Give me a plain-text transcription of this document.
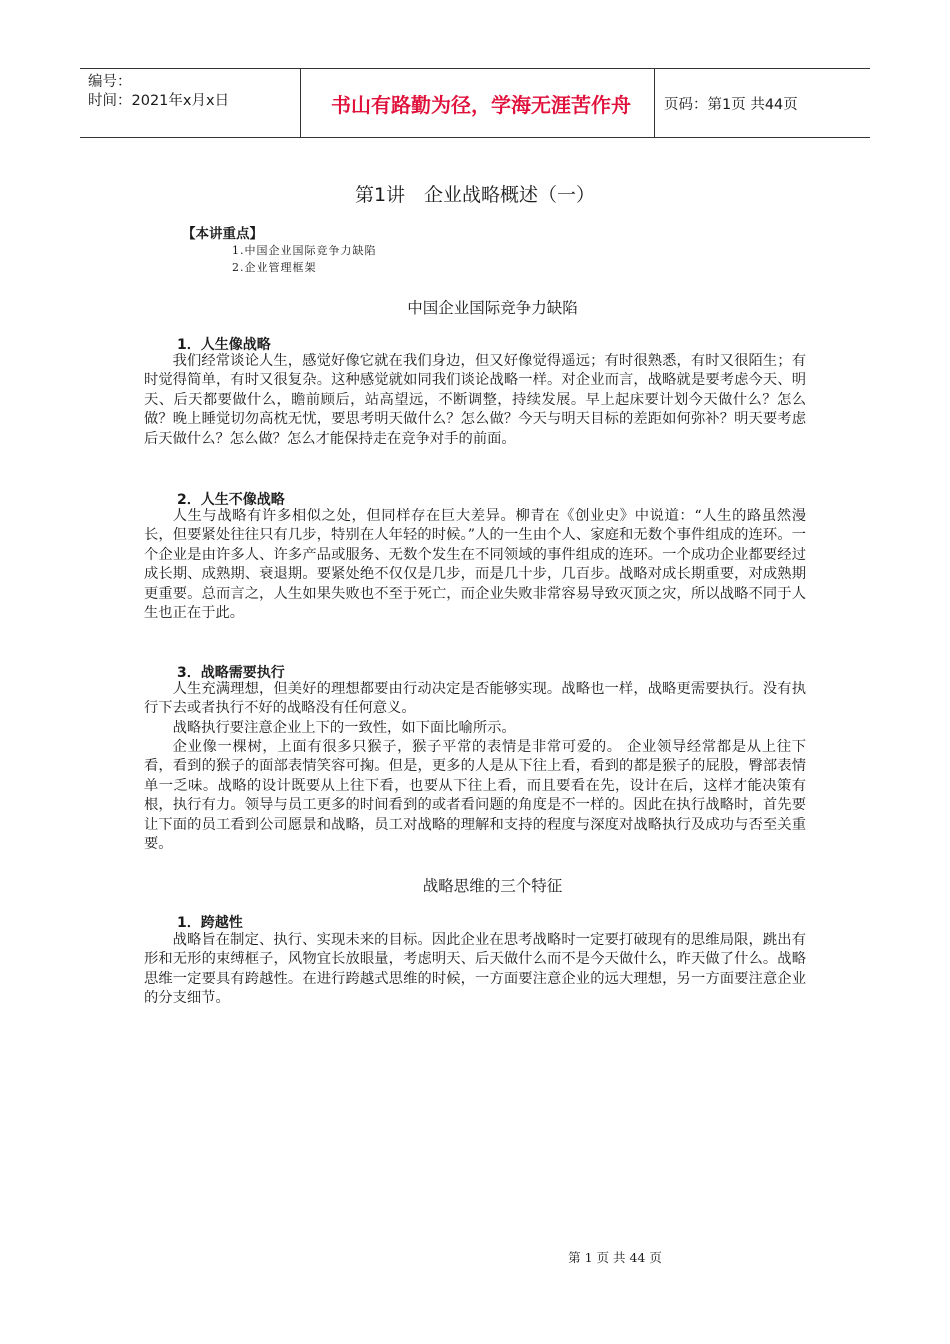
编号：
时间：2021年x月x日	书山有路勤为径，学海无涯苦作舟	页码：第1页 共44页
第1讲　企业战略概述（一）
【本讲重点】
1.中国企业国际竞争力缺陷
2.企业管理框架
中国企业国际竞争力缺陷
1．人生像战略

我们经常谈论人生，感觉好像它就在我们身边，但又好像觉得遥远；有时很熟悉，有时又很陌生；有时觉得简单，有时又很复杂。这种感觉就如同我们谈论战略一样。对企业而言，战略就是要考虑今天、明天、后天都要做什么，瞻前顾后，站高望远，不断调整，持续发展。早上起床要计划今天做什么？怎么做？晚上睡觉切勿高枕无忧，要思考明天做什么？怎么做？今天与明天目标的差距如何弥补？明天要考虑后天做什么？怎么做？怎么才能保持走在竞争对手的前面。

2．人生不像战略

人生与战略有许多相似之处，但同样存在巨大差异。柳青在《创业史》中说道：“人生的路虽然漫长，但要紧处往往只有几步，特别在人年轻的时候。”人的一生由个人、家庭和无数个事件组成的连环。一个企业是由许多人、许多产品或服务、无数个发生在不同领域的事件组成的连环。一个成功企业都要经过成长期、成熟期、衰退期。要紧处绝不仅仅是几步，而是几十步，几百步。战略对成长期重要，对成熟期更重要。总而言之，人生如果失败也不至于死亡，而企业失败非常容易导致灭顶之灾，所以战略不同于人生也正在于此。

3．战略需要执行

人生充满理想，但美好的理想都要由行动决定是否能够实现。战略也一样，战略更需要执行。没有执行下去或者执行不好的战略没有任何意义。

战略执行要注意企业上下的一致性，如下面比喻所示。

企业像一棵树，上面有很多只猴子，猴子平常的表情是非常可爱的。 企业领导经常都是从上往下看，看到的猴子的面部表情笑容可掬。但是，更多的人是从下往上看，看到的都是猴子的屁股，臀部表情单一乏味。战略的设计既要从上往下看，也要从下往上看，而且要看在先，设计在后，这样才能决策有根，执行有力。领导与员工更多的时间看到的或者看问题的角度是不一样的。因此在执行战略时，首先要让下面的员工看到公司愿景和战略，员工对战略的理解和支持的程度与深度对战略执行及成功与否至关重要。

战略思维的三个特征
1．跨越性

战略旨在制定、执行、实现未来的目标。因此企业在思考战略时一定要打破现有的思维局限，跳出有形和无形的束缚框子，风物宜长放眼量，考虑明天、后天做什么而不是今天做什么，昨天做了什么。战略思维一定要具有跨越性。在进行跨越式思维的时候，一方面要注意企业的远大理想，另一方面要注意企业的分支细节。

第 1 页 共 44 页
